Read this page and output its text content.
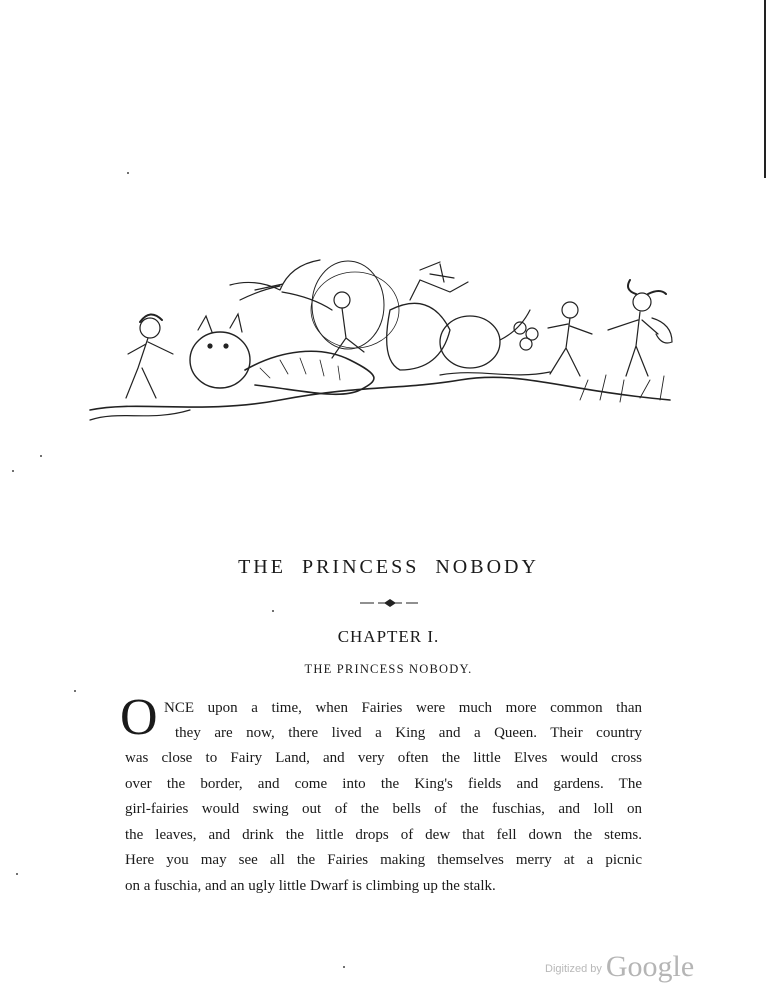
THE PRINCESS NOBODY
CHAPTER I.
THE PRINCESS NOBODY.
O NCE upon a time, when Fairies were much more common than
they are now, there lived a King and a Queen. Their country
was close to Fairy Land, and very often the little Elves would cross
over the border, and come into the King's fields and gardens. The
girl-fairies would swing out of the bells of the fuschias, and loll on
the leaves, and drink the little drops of dew that fell down the stems.
Here you may see all the Fairies making themselves merry at a picnic
on a fuschia, and an ugly little Dwarf is climbing up the stalk.
$^{Digitized by}$ Google
